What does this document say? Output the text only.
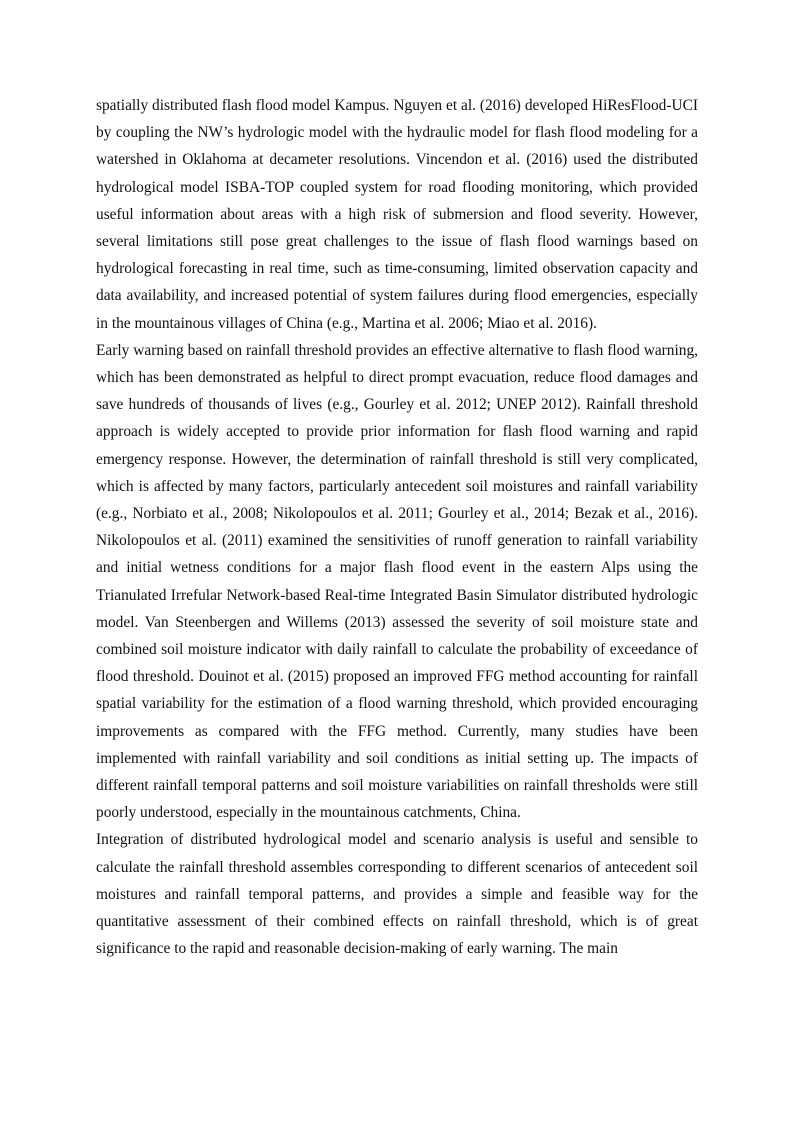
spatially distributed flash flood model Kampus. Nguyen et al. (2016) developed HiResFlood-UCI by coupling the NW’s hydrologic model with the hydraulic model for flash flood modeling for a watershed in Oklahoma at decameter resolutions. Vincendon et al. (2016) used the distributed hydrological model ISBA-TOP coupled system for road flooding monitoring, which provided useful information about areas with a high risk of submersion and flood severity. However, several limitations still pose great challenges to the issue of flash flood warnings based on hydrological forecasting in real time, such as time-consuming, limited observation capacity and data availability, and increased potential of system failures during flood emergencies, especially in the mountainous villages of China (e.g., Martina et al. 2006; Miao et al. 2016).

Early warning based on rainfall threshold provides an effective alternative to flash flood warning, which has been demonstrated as helpful to direct prompt evacuation, reduce flood damages and save hundreds of thousands of lives (e.g., Gourley et al. 2012; UNEP 2012). Rainfall threshold approach is widely accepted to provide prior information for flash flood warning and rapid emergency response. However, the determination of rainfall threshold is still very complicated, which is affected by many factors, particularly antecedent soil moistures and rainfall variability (e.g., Norbiato et al., 2008; Nikolopoulos et al. 2011; Gourley et al., 2014; Bezak et al., 2016). Nikolopoulos et al. (2011) examined the sensitivities of runoff generation to rainfall variability and initial wetness conditions for a major flash flood event in the eastern Alps using the Trianulated Irrefular Network-based Real-time Integrated Basin Simulator distributed hydrologic model. Van Steenbergen and Willems (2013) assessed the severity of soil moisture state and combined soil moisture indicator with daily rainfall to calculate the probability of exceedance of flood threshold. Douinot et al. (2015) proposed an improved FFG method accounting for rainfall spatial variability for the estimation of a flood warning threshold, which provided encouraging improvements as compared with the FFG method. Currently, many studies have been implemented with rainfall variability and soil conditions as initial setting up. The impacts of different rainfall temporal patterns and soil moisture variabilities on rainfall thresholds were still poorly understood, especially in the mountainous catchments, China.

Integration of distributed hydrological model and scenario analysis is useful and sensible to calculate the rainfall threshold assembles corresponding to different scenarios of antecedent soil moistures and rainfall temporal patterns, and provides a simple and feasible way for the quantitative assessment of their combined effects on rainfall threshold, which is of great significance to the rapid and reasonable decision-making of early warning. The main
